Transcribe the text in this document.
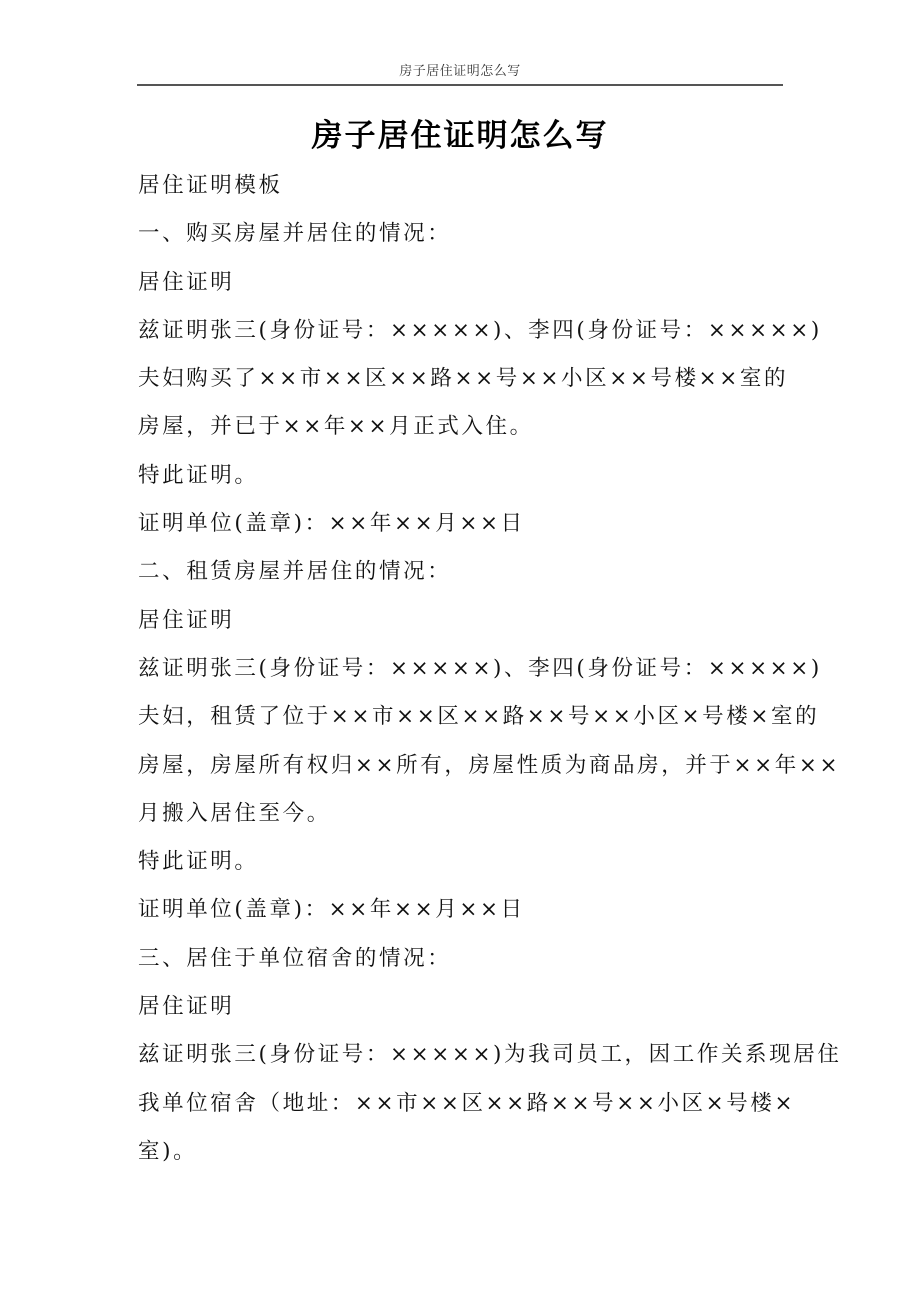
房子居住证明怎么写
房子居住证明怎么写

居住证明模板

一、购买房屋并居住的情况：

居住证明

兹证明张三(身份证号：×××××)、李四(身份证号：×××××)

夫妇购买了××市××区××路××号××小区××号楼××室的

房屋，并已于××年××月正式入住。

特此证明。

证明单位(盖章)：××年××月××日

二、租赁房屋并居住的情况：

居住证明

兹证明张三(身份证号：×××××)、李四(身份证号：×××××)

夫妇，租赁了位于××市××区××路××号××小区×号楼×室的

房屋，房屋所有权归××所有，房屋性质为商品房，并于××年××

月搬入居住至今。

特此证明。

证明单位(盖章)：××年××月××日

三、居住于单位宿舍的情况：

居住证明

兹证明张三(身份证号：×××××)为我司员工，因工作关系现居住

我单位宿舍（地址：××市××区××路××号××小区×号楼×

室)。
